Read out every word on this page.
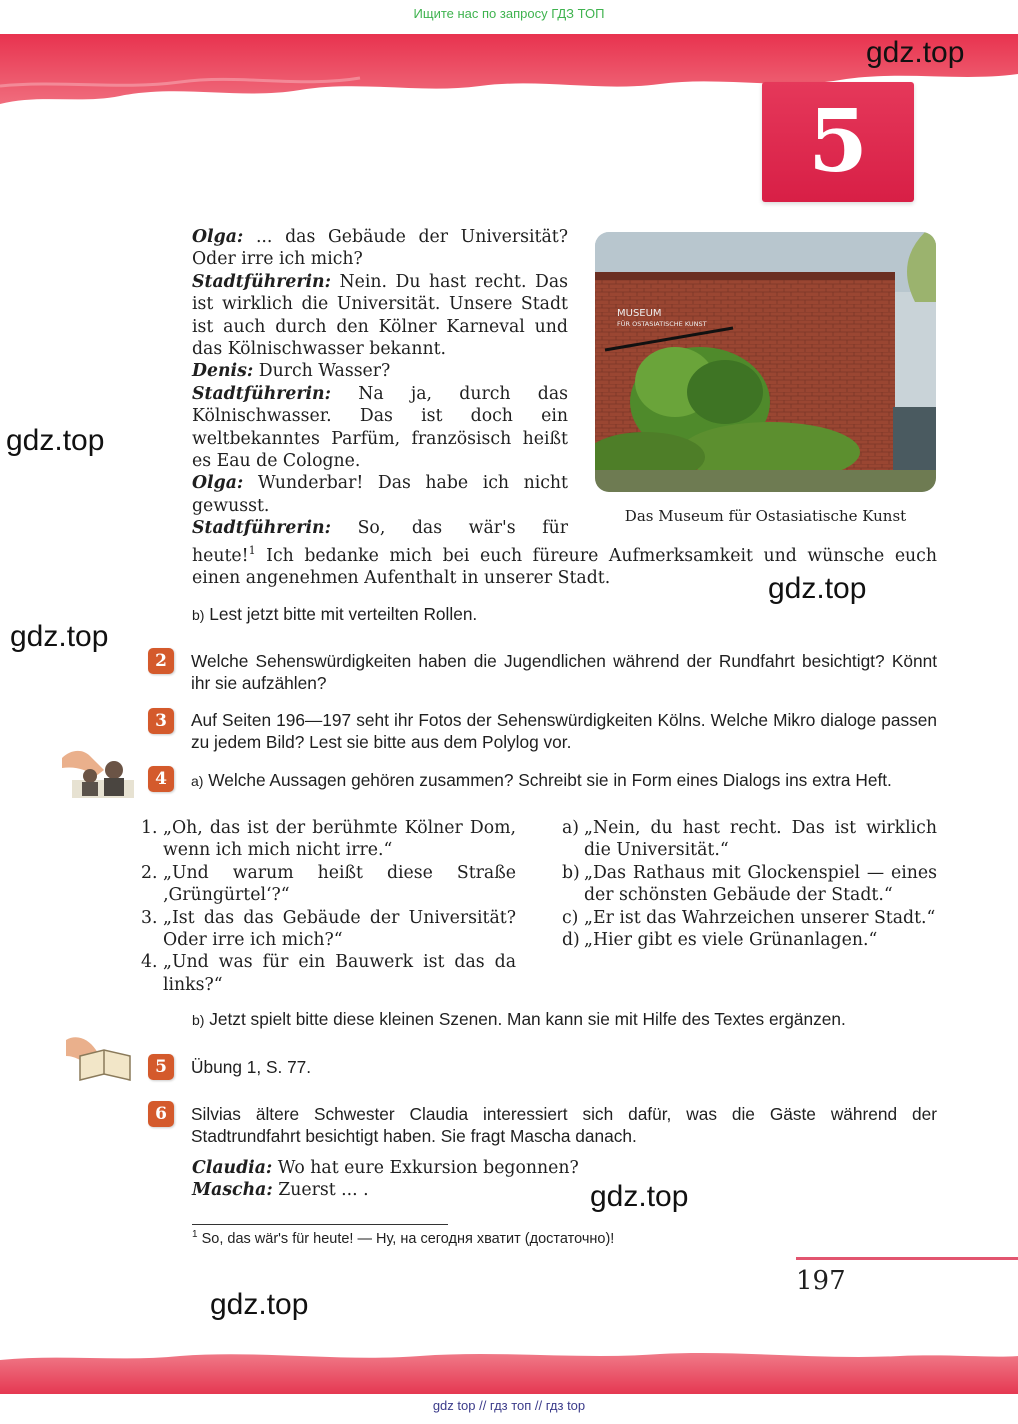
Ищите нас по запросу ГДЗ ТОП
gdz.top
5

Olga: ... das Gebäude der Universität? Oder irre ich mich?

Stadtführerin: Nein. Du hast recht. Das ist wirklich die Universität. Unsere Stadt ist auch durch den Kölner Karneval und das Kölnischwasser bekannt.

Denis: Durch Wasser?

Stadtführerin: Na ja, durch das Kölnischwasser. Das ist doch ein weltbekanntes Parfüm, französisch heißt es Eau de Cologne.

Olga: Wunderbar! Das habe ich nicht gewusst.

Stadtführerin: So, das wär's für

heute!$^1$ Ich bedanke mich bei euch füreure Aufmerksamkeit und wünsche euch einen angenehmen Aufenthalt in unserer Stadt.
MUSEUM
FÜR OSTASIATISCHE KUNST
Das Museum für Ostasiatische Kunst
gdz.top
gdz.top
gdz.top
b) Lest jetzt bitte mit verteilten Rollen.
2	Welche Sehenswürdigkeiten haben die Jugendlichen während der Rundfahrt besichtigt? Könnt ihr sie aufzählen?
3	Auf Seiten 196—197 seht ihr Fotos der Sehenswürdigkeiten Kölns. Welche Mikro dialoge passen zu jedem Bild? Lest sie bitte aus dem Polylog vor.
4	a) Welche Aussagen gehören zusammen? Schreibt sie in Form eines Dialogs ins extra Heft.
1. „Oh, das ist der berühmte Kölner Dom, wenn ich mich nicht irre.“
2. „Und warum heißt diese Straße ‚Grüngürtel‘?“
3. „Ist das das Gebäude der Universität? Oder irre ich mich?“
4. „Und was für ein Bauwerk ist das da links?“
a) „Nein, du hast recht. Das ist wirklich die Universität.“
b) „Das Rathaus mit Glockenspiel — eines der schönsten Gebäude der Stadt.“
c) „Er ist das Wahrzeichen unserer Stadt.“
d) „Hier gibt es viele Grünanlagen.“
b) Jetzt spielt bitte diese kleinen Szenen. Man kann sie mit Hilfe des Textes ergänzen.
5	Übung 1, S. 77.
6	Silvias ältere Schwester Claudia interessiert sich dafür, was die Gäste während der Stadtrundfahrt besichtigt haben. Sie fragt Mascha danach.
Claudia: Wo hat eure Exkursion begonnen?
Mascha: Zuerst ... .	gdz.top
$^1$ So, das wär's für heute! — Ну, на сегодня хватит (достаточно)!
197
gdz.top
gdz top // гдз топ // гдз top
